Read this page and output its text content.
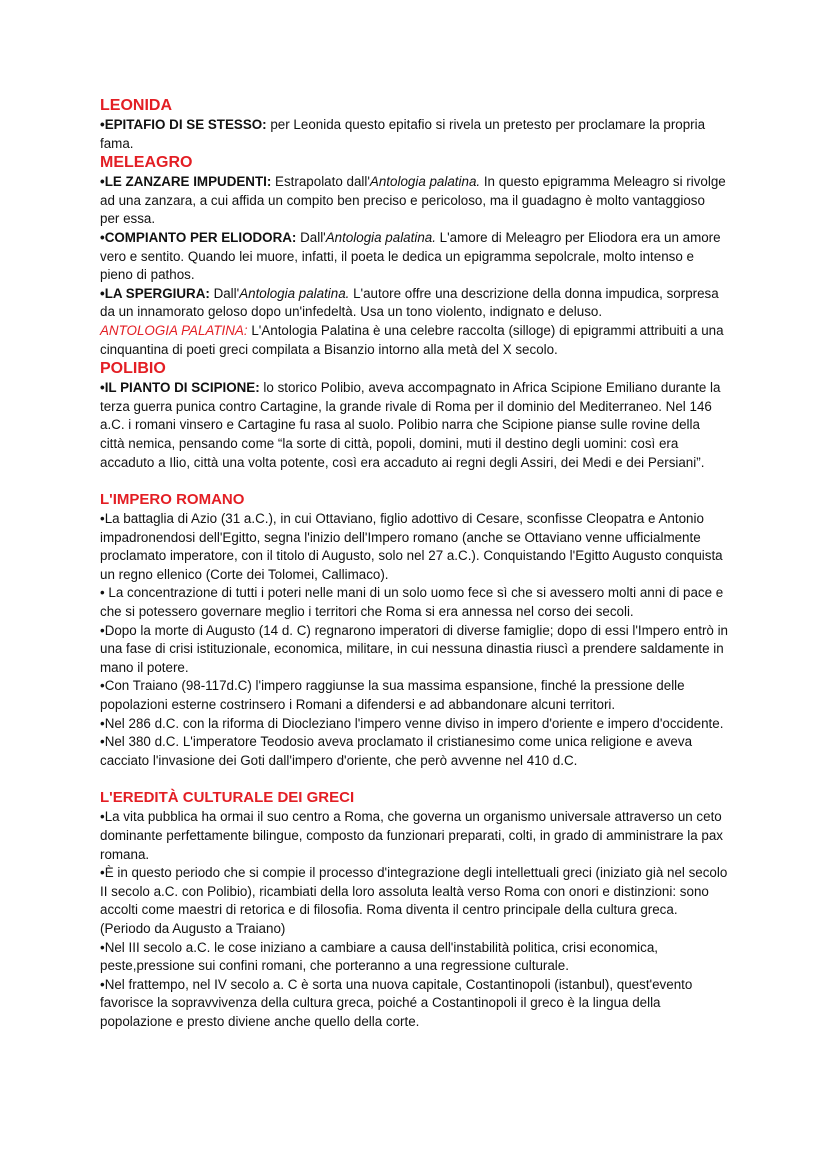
LEONIDA

•EPITAFIO DI SE STESSO: per Leonida questo epitafio si rivela un pretesto per proclamare la propria fama.

MELEAGRO

•LE ZANZARE IMPUDENTI: Estrapolato dall'Antologia palatina. In questo epigramma Meleagro si rivolge ad una zanzara, a cui affida un compito ben preciso e pericoloso, ma il guadagno è molto vantaggioso per essa.

•COMPIANTO PER ELIODORA: Dall'Antologia palatina. L'amore di Meleagro per Eliodora era un amore vero e sentito. Quando lei muore, infatti, il poeta le dedica un epigramma sepolcrale, molto intenso e pieno di pathos.

•LA SPERGIURA: Dall'Antologia palatina. L'autore offre una descrizione della donna impudica, sorpresa da un innamorato geloso dopo un'infedeltà. Usa un tono violento, indignato e deluso.

ANTOLOGIA PALATINA: L'Antologia Palatina è una celebre raccolta (silloge) di epigrammi attribuiti a una cinquantina di poeti greci compilata a Bisanzio intorno alla metà del X secolo.

POLIBIO

•IL PIANTO DI SCIPIONE: lo storico Polibio, aveva accompagnato in Africa Scipione Emiliano durante la terza guerra punica contro Cartagine, la grande rivale di Roma per il dominio del Mediterraneo. Nel 146 a.C. i romani vinsero e Cartagine fu rasa al suolo. Polibio narra che Scipione pianse sulle rovine della città nemica, pensando come “la sorte di città, popoli, domini, muti il destino degli uomini: così era accaduto a Ilio, città una volta potente, così era accaduto ai regni degli Assiri, dei Medi e dei Persiani”.

L'IMPERO ROMANO

•La battaglia di Azio (31 a.C.), in cui Ottaviano, figlio adottivo di Cesare, sconfisse Cleopatra e Antonio impadronendosi dell'Egitto, segna l'inizio dell'Impero romano (anche se Ottaviano venne ufficialmente proclamato imperatore, con il titolo di Augusto, solo nel 27 a.C.). Conquistando l'Egitto Augusto conquista un regno ellenico (Corte dei Tolomei, Callimaco).

• La concentrazione di tutti i poteri nelle mani di un solo uomo fece sì che si avessero molti anni di pace e che si potessero governare meglio i territori che Roma si era annessa nel corso dei secoli.

•Dopo la morte di Augusto (14 d. C) regnarono imperatori di diverse famiglie; dopo di essi l'Impero entrò in una fase di crisi istituzionale, economica, militare, in cui nessuna dinastia riuscì a prendere saldamente in mano il potere.

•Con Traiano (98-117d.C) l'impero raggiunse la sua massima espansione, finché la pressione delle popolazioni esterne costrinsero i Romani a difendersi e ad abbandonare alcuni territori.

•Nel 286 d.C. con la riforma di Diocleziano l'impero venne diviso in impero d'oriente e impero d'occidente.

•Nel 380 d.C. L'imperatore Teodosio aveva proclamato il cristianesimo come unica religione e aveva cacciato l'invasione dei Goti dall'impero d'oriente, che però avvenne nel 410 d.C.

L'EREDITÀ CULTURALE DEI GRECI

•La vita pubblica ha ormai il suo centro a Roma, che governa un organismo universale attraverso un ceto dominante perfettamente bilingue, composto da funzionari preparati, colti, in grado di amministrare la pax romana.

•È in questo periodo che si compie il processo d'integrazione degli intellettuali greci (iniziato già nel secolo II secolo a.C. con Polibio), ricambiati della loro assoluta lealtà verso Roma con onori e distinzioni: sono accolti come maestri di retorica e di filosofia. Roma diventa il centro principale della cultura greca. (Periodo da Augusto a Traiano)

•Nel III secolo a.C. le cose iniziano a cambiare a causa dell'instabilità politica, crisi economica, peste,pressione sui confini romani, che porteranno a una regressione culturale.

•Nel frattempo, nel IV secolo a. C è sorta una nuova capitale, Costantinopoli (istanbul), quest'evento favorisce la sopravvivenza della cultura greca, poiché a Costantinopoli il greco è la lingua della popolazione e presto diviene anche quello della corte.
